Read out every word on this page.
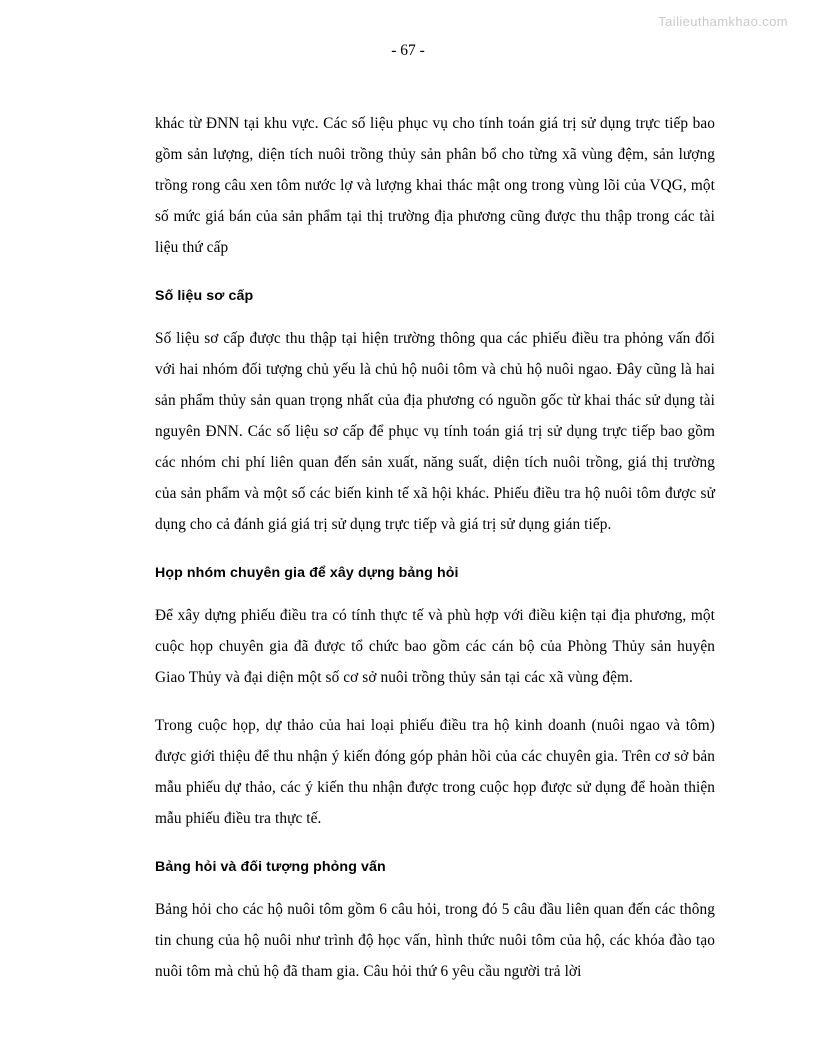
Tailieuthamkhao.com
- 67 -

khác từ ĐNN tại khu vực. Các số liệu phục vụ cho tính toán giá trị sử dụng trực tiếp bao gồm sản lượng, diện tích nuôi trồng thủy sản phân bổ cho từng xã vùng đệm, sản lượng trồng rong câu xen tôm nước lợ và lượng khai thác mật ong trong vùng lõi của VQG, một số mức giá bán của sản phẩm tại thị trường địa phương cũng được thu thập trong các tài liệu thứ cấp

Số liệu sơ cấp

Số liệu sơ cấp được thu thập tại hiện trường thông qua các phiếu điều tra phỏng vấn đối với hai nhóm đối tượng chủ yếu là chủ hộ nuôi tôm và chủ hộ nuôi ngao. Đây cũng là hai sản phẩm thủy sản quan trọng nhất của địa phương có nguồn gốc từ khai thác sử dụng tài nguyên ĐNN. Các số liệu sơ cấp để phục vụ tính toán giá trị sử dụng trực tiếp bao gồm các nhóm chi phí liên quan đến sản xuất, năng suất, diện tích nuôi trồng, giá thị trường của sản phẩm và một số các biến kinh tế xã hội khác. Phiếu điều tra hộ nuôi tôm được sử dụng cho cả đánh giá giá trị sử dụng trực tiếp và giá trị sử dụng gián tiếp.

Họp nhóm chuyên gia để xây dựng bảng hỏi

Để xây dựng phiếu điều tra có tính thực tế và phù hợp với điều kiện tại địa phương, một cuộc họp chuyên gia đã được tổ chức bao gồm các cán bộ của Phòng Thủy sản huyện Giao Thủy và đại diện một số cơ sở nuôi trồng thủy sản tại các xã vùng đệm.

Trong cuộc họp, dự thảo của hai loại phiếu điều tra hộ kinh doanh (nuôi ngao và tôm) được giới thiệu để thu nhận ý kiến đóng góp phản hồi của các chuyên gia. Trên cơ sở bản mẫu phiếu dự thảo, các ý kiến thu nhận được trong cuộc họp được sử dụng để hoàn thiện mẫu phiếu điều tra thực tế.

Bảng hỏi và đối tượng phỏng vấn

Bảng hỏi cho các hộ nuôi tôm gồm 6 câu hỏi, trong đó 5 câu đầu liên quan đến các thông tin chung của hộ nuôi như trình độ học vấn, hình thức nuôi tôm của hộ, các khóa đào tạo nuôi tôm mà chủ hộ đã tham gia. Câu hỏi thứ 6 yêu cầu người trả lời
